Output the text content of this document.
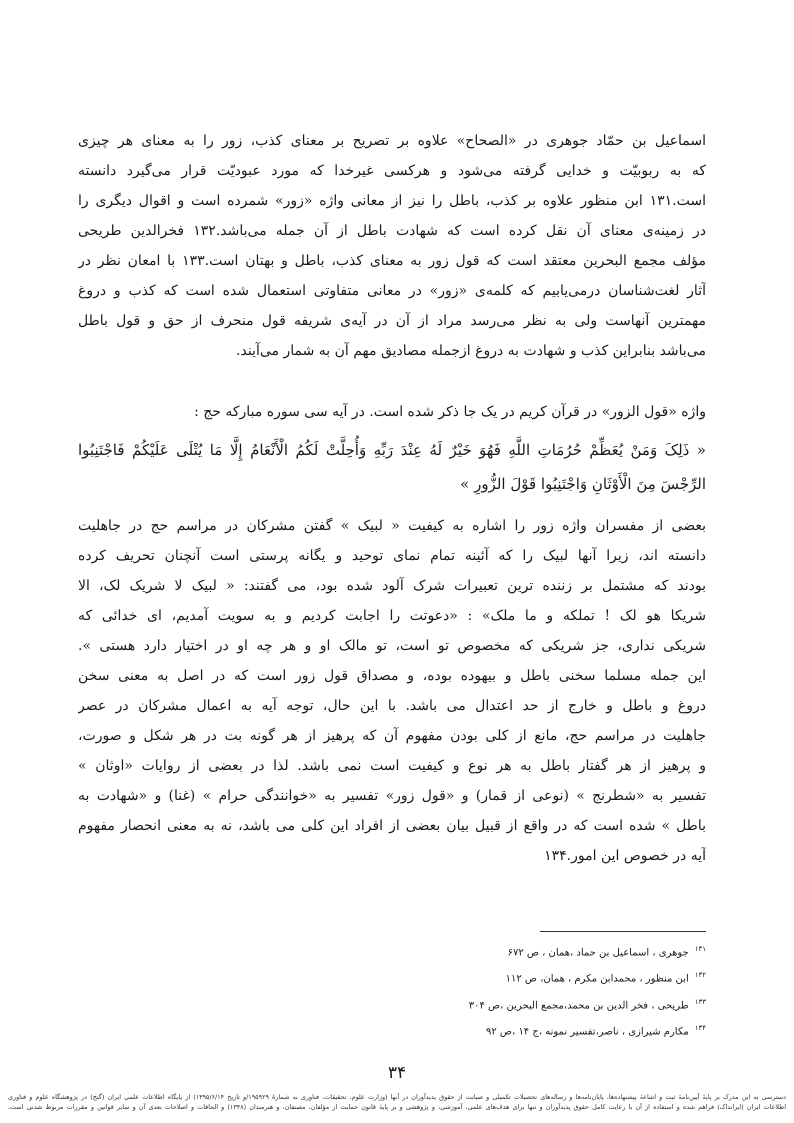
اسماعیل بن حمّاد جوهری در «الصحاح» علاوه بر تصریح بر معنای کذب، زور را به معنای هر چیزی
که به ربوبیّت و خدایی گرفته می‌شود و هرکسی غیرخدا که مورد عبودیّت قرار می‌گیرد دانسته
است.۱۳۱ ابن منظور علاوه بر کذب، باطل را نیز از معانی واژه «زور» شمرده است و اقوال دیگری را
در زمینه‌ی معنای آن نقل کرده است که شهادت باطل از آن جمله می‌باشد.۱۳۲ فخرالدین طریحی
مؤلف مجمع البحرین معتقد است که قول زور به معنای کذب، باطل و بهتان است.۱۳۳ با امعان نظر در
آثار لغت‌شناسان درمی‌یابیم که کلمه‌ی «زور» در معانی متفاوتی استعمال شده است که کذب و دروغ
مهمترین آنهاست ولی به نظر می‌رسد مراد از آن در آیه‌ی شریفه قول منحرف از حق و قول باطل
می‌باشد بنابراین کذب و شهادت به دروغ ازجمله مصادیق مهم آن به شمار می‌آیند.
واژه «قول الزور» در قرآن کریم در یک جا ذکر شده است. در آیه سی سوره مبارکه حج :
« ذَلِکَ وَمَنْ یُعَظِّمْ حُرُمَاتِ اللَّهِ فَهُوَ خَیْرٌ لَهُ عِنْدَ رَبِّهِ وَأُحِلَّتْ لَکُمُ الْأَنْعَامُ إِلَّا مَا یُتْلَى عَلَیْکُمْ فَاجْتَنِبُوا
الرِّجْسَ مِنَ الْأَوْثَانِ وَاجْتَنِبُوا قَوْلَ الزُّورِ »
بعضی از مفسران واژه زور را اشاره به کیفیت « لبیک » گفتن مشرکان در مراسم حج در جاهلیت
دانسته اند، زیرا آنها لبیک را که آئینه تمام نمای توحید و یگانه پرستی است آنچنان تحریف کرده
بودند که مشتمل بر زننده ترین تعبیرات شرک آلود شده بود، می گفتند: « لبیک لا شریک لک، الا
شریکا هو لک ! تملکه و ما ملک» : «دعوتت را اجابت کردیم و به سویت آمدیم، ای خدائی که
شریکی نداری، جز شریکی که مخصوص تو است، تو مالک او و هر چه او در اختیار دارد هستی ».
این جمله مسلما سخنی باطل و بیهوده بوده، و مصداق قول زور است که در اصل به معنی سخن
دروغ و باطل و خارج از حد اعتدال می باشد. با این حال، توجه آیه به اعمال مشرکان در عصر
جاهلیت در مراسم حج، مانع از کلی بودن مفهوم آن که پرهیز از هر گونه بت در هر شکل و صورت،
و پرهیز از هر گفتار باطل به هر نوع و کیفیت است نمی باشد. لذا در بعضی از روایات «اوثان »
تفسیر به «شطرنج » (نوعی از قمار) و «قول زور» تفسیر به «خوانندگی حرام » (غنا) و «شهادت به
باطل » شده است که در واقع از قبیل بیان بعضی از افراد این کلی می باشد، نه به معنی انحصار مفهوم
آیه در خصوص این امور.۱۳۴
$^{۱۳۱}$جوهری ، اسماعیل بن حماد ،همان ، ص ۶۷۲
$^{۱۳۲}$ابن منظور ، محمدابن مکرم ، همان، ص ۱۱۲
$^{۱۳۳}$طریحی ، فخر الدین بن محمد،مجمع البحرین ،ص ۳۰۴
$^{۱۳۴}$مکارم شیرازی ، ناصر،تفسیر نمونه ،ج ۱۴ ،ص ۹۲
۳۴
دسترسی به این مدرک بر پایهٔ آیین‌نامهٔ ثبت و اشاعهٔ پیشنهاده‌ها، پایان‌نامه‌ها و رساله‌های تحصیلات تکمیلی و صیانت از حقوق پدیدآوران در آنها (وزارت علوم، تحقیقات، فناوری به شمارهٔ ۱۹۵۹۲۹/و تاریخ ۱۳۹۵/۶/۱۴) از پایگاه اطلاعات علمی ایران (گنج) در پژوهشگاه علوم و فناوری
اطلاعات ایران (ایرانداک) فراهم شده و استفاده از آن با رعایت کامل حقوق پدیدآوران و تنها برای هدف‌های علمی، آموزشی، و پژوهشی و بر پایهٔ قانون حمایت از مؤلفان، مصنفان، و هنرمندان (۱۳۴۸) و الحاقات و اصلاحات بعدی آن و سایر قوانین و مقررات مربوط شدنی است.
